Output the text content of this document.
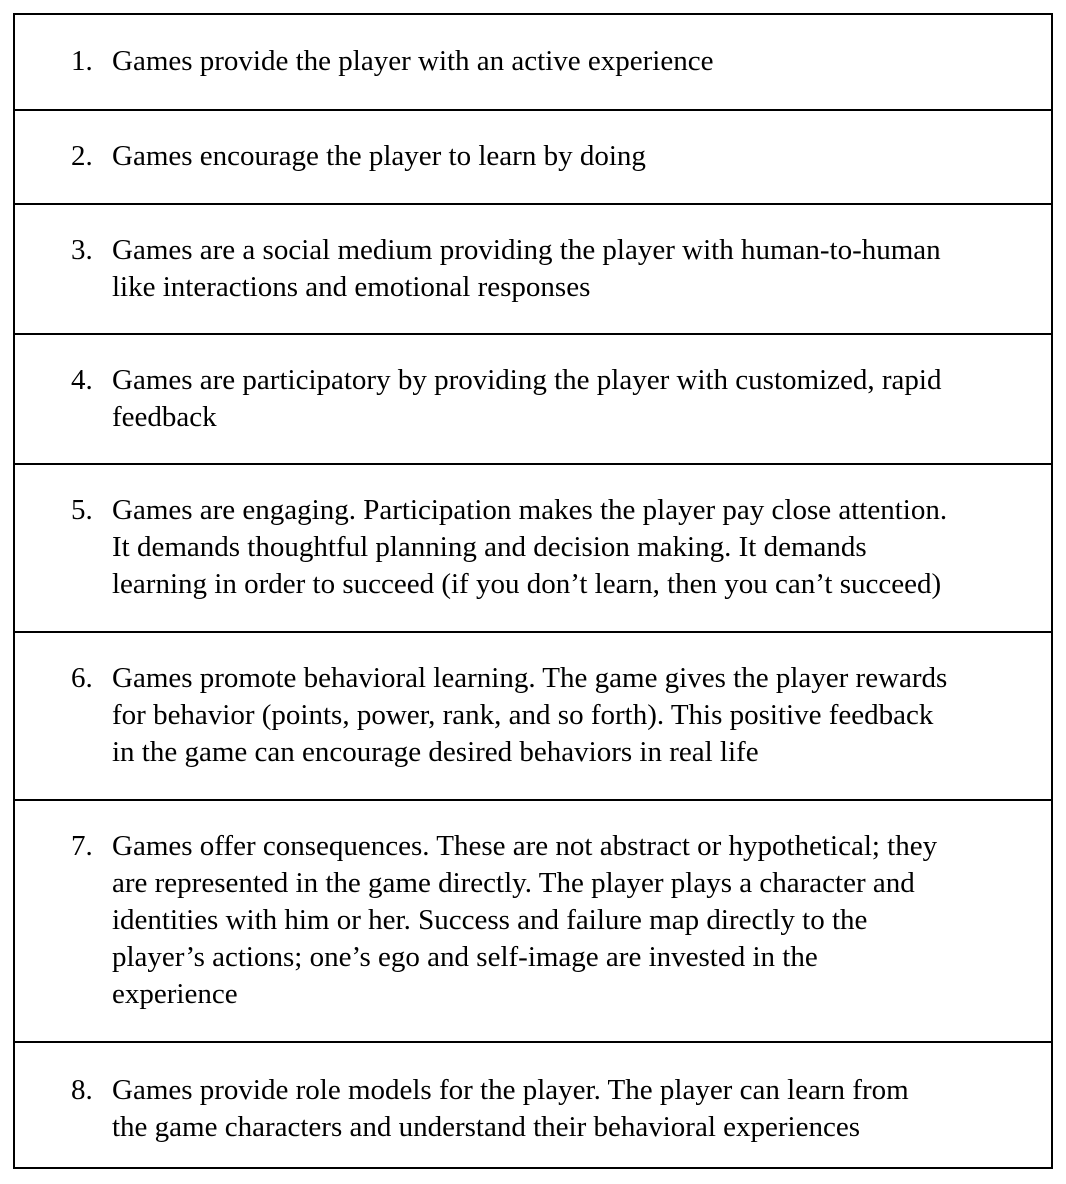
1. Games provide the player with an active experience
2. Games encourage the player to learn by doing
3. Games are a social medium providing the player with human-to-human
like interactions and emotional responses
4. Games are participatory by providing the player with customized, rapid
feedback
5. Games are engaging. Participation makes the player pay close attention.
It demands thoughtful planning and decision making. It demands
learning in order to succeed (if you don’t learn, then you can’t succeed)
6. Games promote behavioral learning. The game gives the player rewards
for behavior (points, power, rank, and so forth). This positive feedback
in the game can encourage desired behaviors in real life
7. Games offer consequences. These are not abstract or hypothetical; they
are represented in the game directly. The player plays a character and
identities with him or her. Success and failure map directly to the
player’s actions; one’s ego and self-image are invested in the
experience
8. Games provide role models for the player. The player can learn from
the game characters and understand their behavioral experiences
